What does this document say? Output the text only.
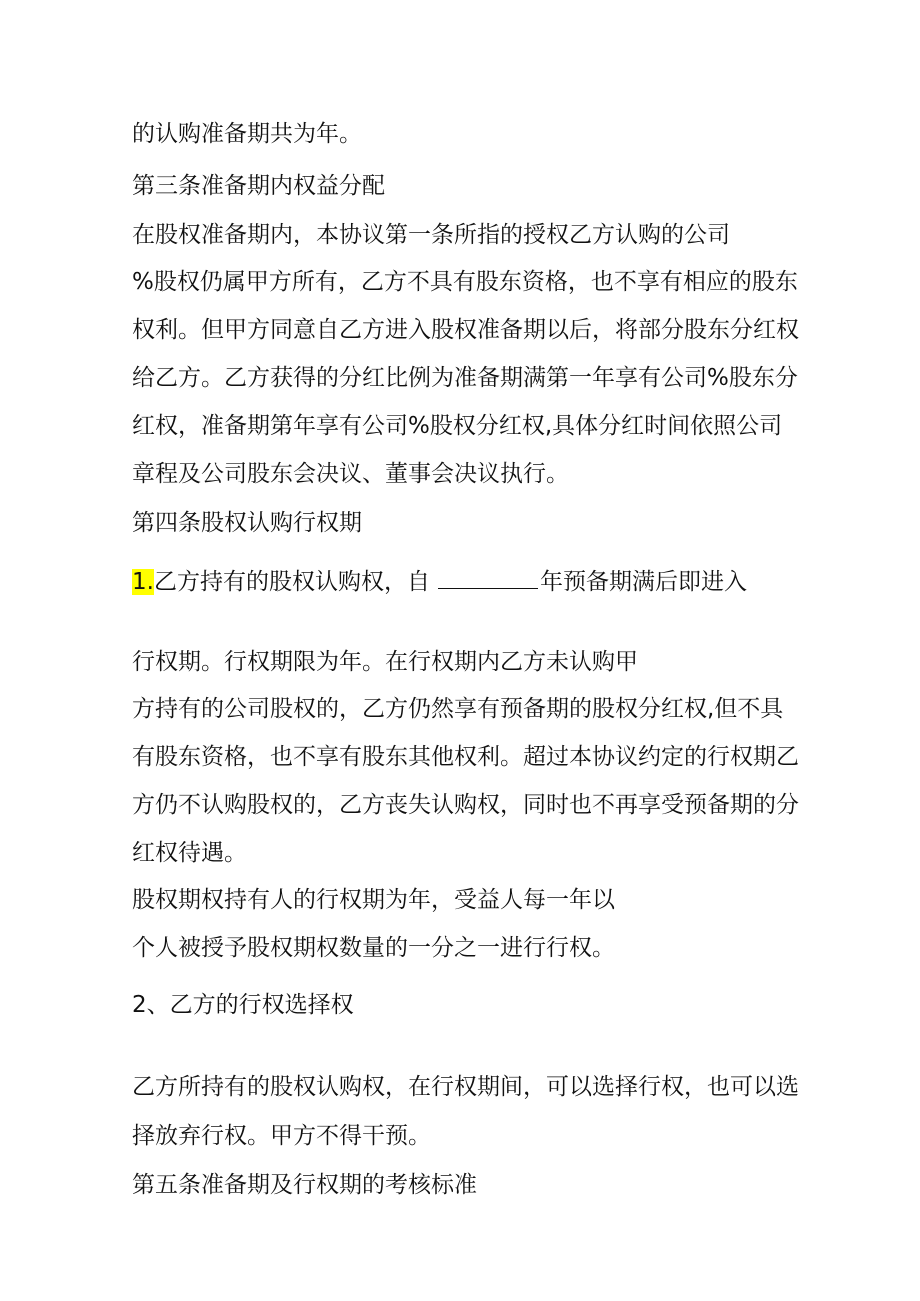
的认购准备期共为年。
第三条准备期内权益分配
在股权准备期内，本协议第一条所指的授权乙方认购的公司
%股权仍属甲方所有，乙方不具有股东资格，也不享有相应的股东
权利。但甲方同意自乙方进入股权准备期以后，将部分股东分红权
给乙方。乙方获得的分红比例为准备期满第一年享有公司%股东分
红权，准备期第年享有公司%股权分红权,具体分红时间依照公司
章程及公司股东会决议、董事会决议执行。
第四条股权认购行权期
1.乙方持有的股权认购权，自	年预备期满后即进入
行权期。行权期限为年。在行权期内乙方未认购甲
方持有的公司股权的，乙方仍然享有预备期的股权分红权,但不具
有股东资格，也不享有股东其他权利。超过本协议约定的行权期乙
方仍不认购股权的，乙方丧失认购权，同时也不再享受预备期的分
红权待遇。
股权期权持有人的行权期为年，受益人每一年以
个人被授予股权期权数量的一分之一进行行权。
2、乙方的行权选择权
乙方所持有的股权认购权，在行权期间，可以选择行权，也可以选
择放弃行权。甲方不得干预。
第五条准备期及行权期的考核标准
